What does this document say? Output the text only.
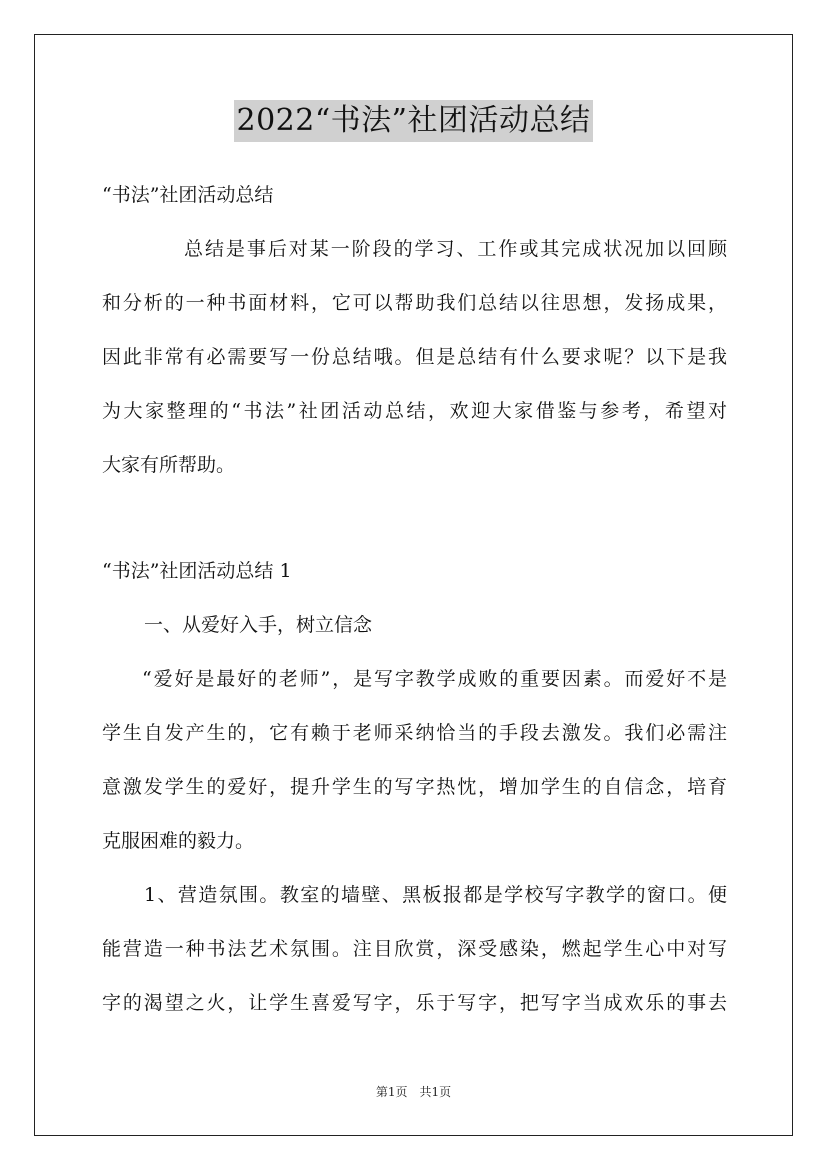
2022“书法”社团活动总结
“书法”社团活动总结
总结是事后对某一阶段的学习、工作或其完成状况加以回顾
和分析的一种书面材料，它可以帮助我们总结以往思想，发扬成果，
因此非常有必需要写一份总结哦。但是总结有什么要求呢？以下是我
为大家整理的“书法”社团活动总结，欢迎大家借鉴与参考，希望对
大家有所帮助。
“书法”社团活动总结 1
一、从爱好入手，树立信念
“爱好是最好的老师”，是写字教学成败的重要因素。而爱好不是
学生自发产生的，它有赖于老师采纳恰当的手段去激发。我们必需注
意激发学生的爱好，提升学生的写字热忱，增加学生的自信念，培育
克服困难的毅力。
1、营造氛围。教室的墙壁、黑板报都是学校写字教学的窗口。便
能营造一种书法艺术氛围。注目欣赏，深受感染，燃起学生心中对写
字的渴望之火，让学生喜爱写字，乐于写字，把写字当成欢乐的事去
第1页　共1页
